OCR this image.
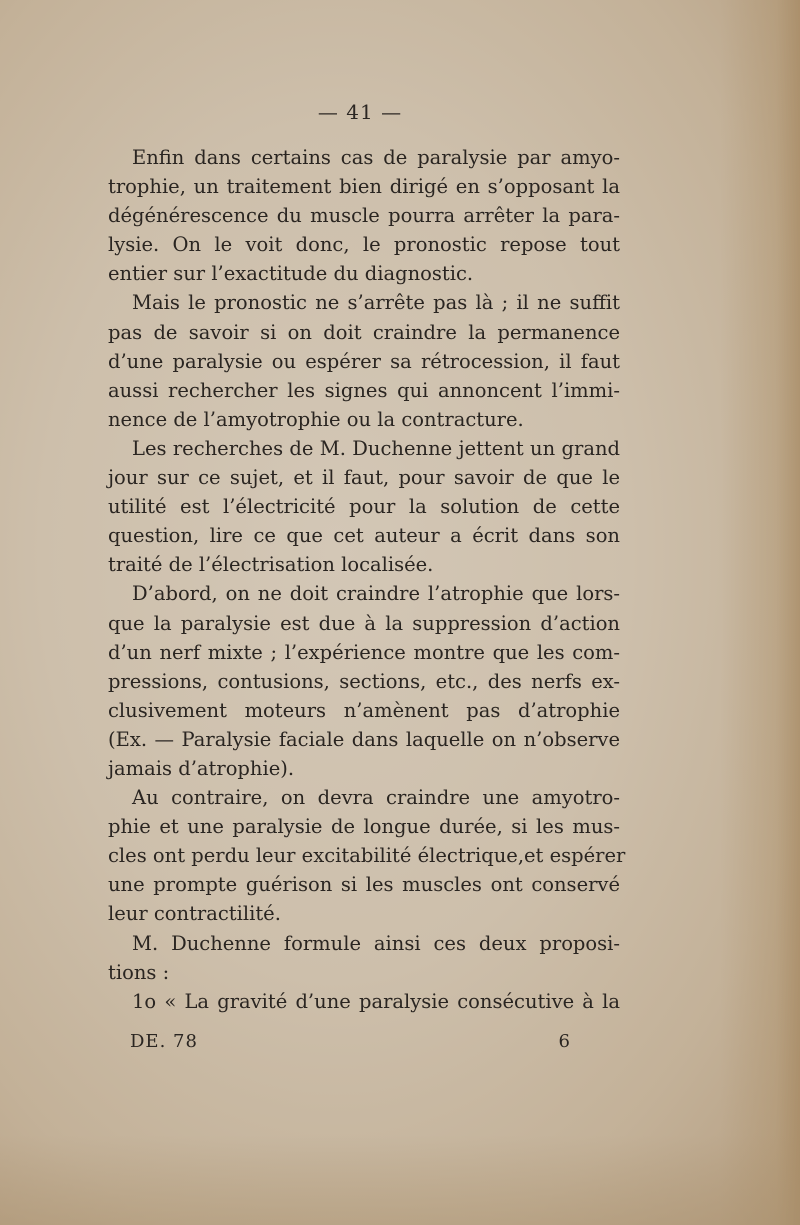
— 41 —
Enfin dans certains cas de paralysie par amyo-
trophie, un traitement bien dirigé en s’opposant la
dégénérescence du muscle pourra arrêter la para-
lysie. On le voit donc, le pronostic repose tout
entier sur l’exactitude du diagnostic.
Mais le pronostic ne s’arrête pas là ; il ne suffit
pas de savoir si on doit craindre la permanence
d’une paralysie ou espérer sa rétrocession, il faut
aussi rechercher les signes qui annoncent l’immi-
nence de l’amyotrophie ou la contracture.
Les recherches de M. Duchenne jettent un grand
jour sur ce sujet, et il faut, pour savoir de que le
utilité est l’électricité pour la solution de cette
question, lire ce que cet auteur a écrit dans son
traité de l’électrisation localisée.
D’abord, on ne doit craindre l’atrophie que lors-
que la paralysie est due à la suppression d’action
d’un nerf mixte ; l’expérience montre que les com-
pressions, contusions, sections, etc., des nerfs ex-
clusivement moteurs n’amènent pas d’atrophie
(Ex. — Paralysie faciale dans laquelle on n’observe
jamais d’atrophie).
Au contraire, on devra craindre une amyotro-
phie et une paralysie de longue durée, si les mus-
cles ont perdu leur excitabilité électrique,et espérer
une prompte guérison si les muscles ont conservé
leur contractilité.
M. Duchenne formule ainsi ces deux proposi-
tions :
1o « La gravité d’une paralysie consécutive à la
DE. 78	6
